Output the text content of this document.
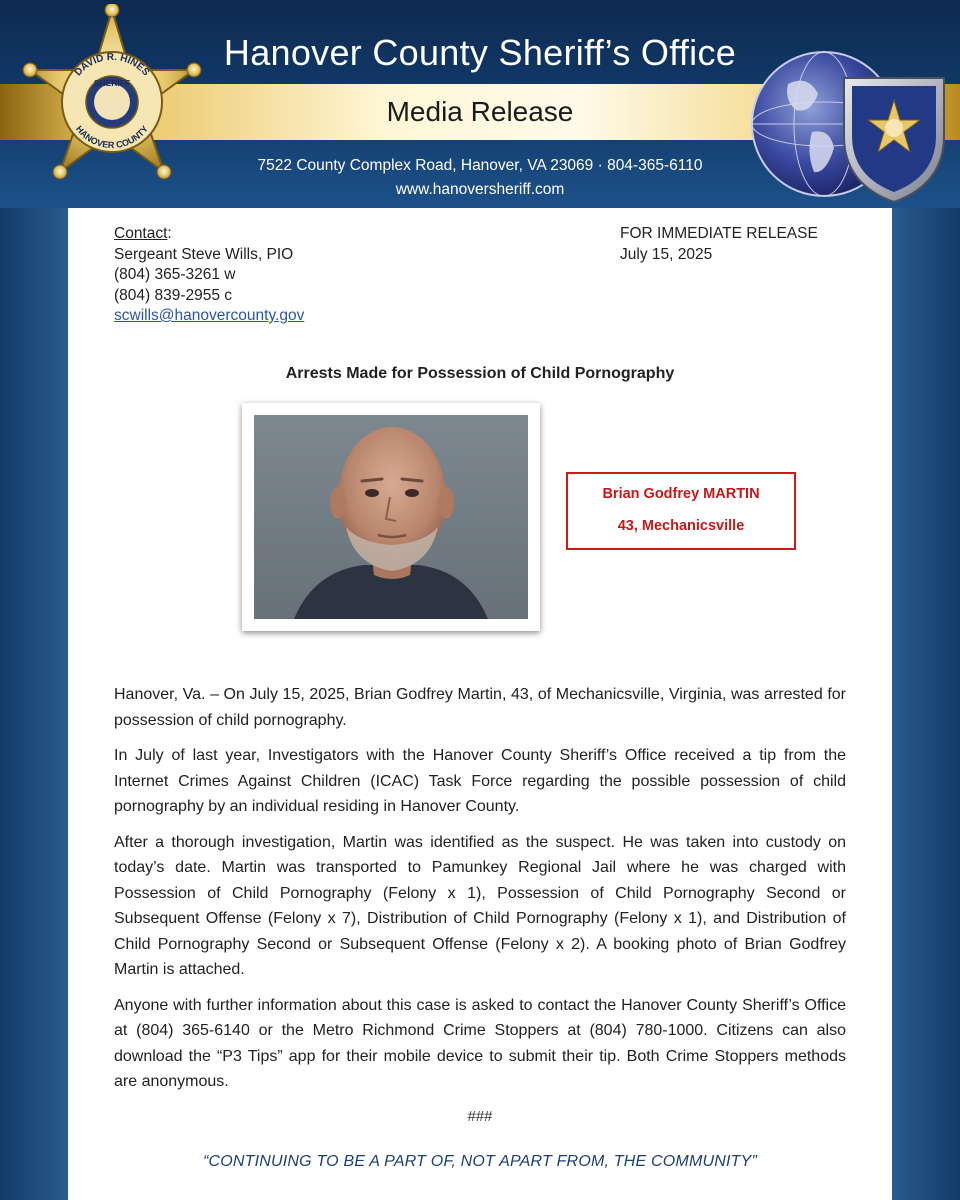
Hanover County Sheriff’s Office
Media Release
7522 County Complex Road, Hanover, VA 23069 · 804-365-6110
www.hanoversheriff.com
DAVID R. HINES
SHERIFF
HANOVER COUNTY
Contact:
Sergeant Steve Wills, PIO
(804) 365-3261 w
(804) 839-2955 c
scwills@hanovercounty.gov
FOR IMMEDIATE RELEASE
July 15, 2025
Arrests Made for Possession of Child Pornography
Brian Godfrey MARTIN
43, Mechanicsville

Hanover, Va. – On July 15, 2025, Brian Godfrey Martin, 43, of Mechanicsville, Virginia, was arrested for possession of child pornography.

In July of last year, Investigators with the Hanover County Sheriff’s Office received a tip from the Internet Crimes Against Children (ICAC) Task Force regarding the possible possession of child pornography by an individual residing in Hanover County.

After a thorough investigation, Martin was identified as the suspect. He was taken into custody on today’s date. Martin was transported to Pamunkey Regional Jail where he was charged with Possession of Child Pornography (Felony x 1), Possession of Child Pornography Second or Subsequent Offense (Felony x 7), Distribution of Child Pornography (Felony x 1), and Distribution of Child Pornography Second or Subsequent Offense (Felony x 2). A booking photo of Brian Godfrey Martin is attached.

Anyone with further information about this case is asked to contact the Hanover County Sheriff’s Office at (804) 365-6140 or the Metro Richmond Crime Stoppers at (804) 780-1000. Citizens can also download the “P3 Tips” app for their mobile device to submit their tip. Both Crime Stoppers methods are anonymous.

###
“CONTINUING TO BE A PART OF, NOT APART FROM, THE COMMUNITY”
